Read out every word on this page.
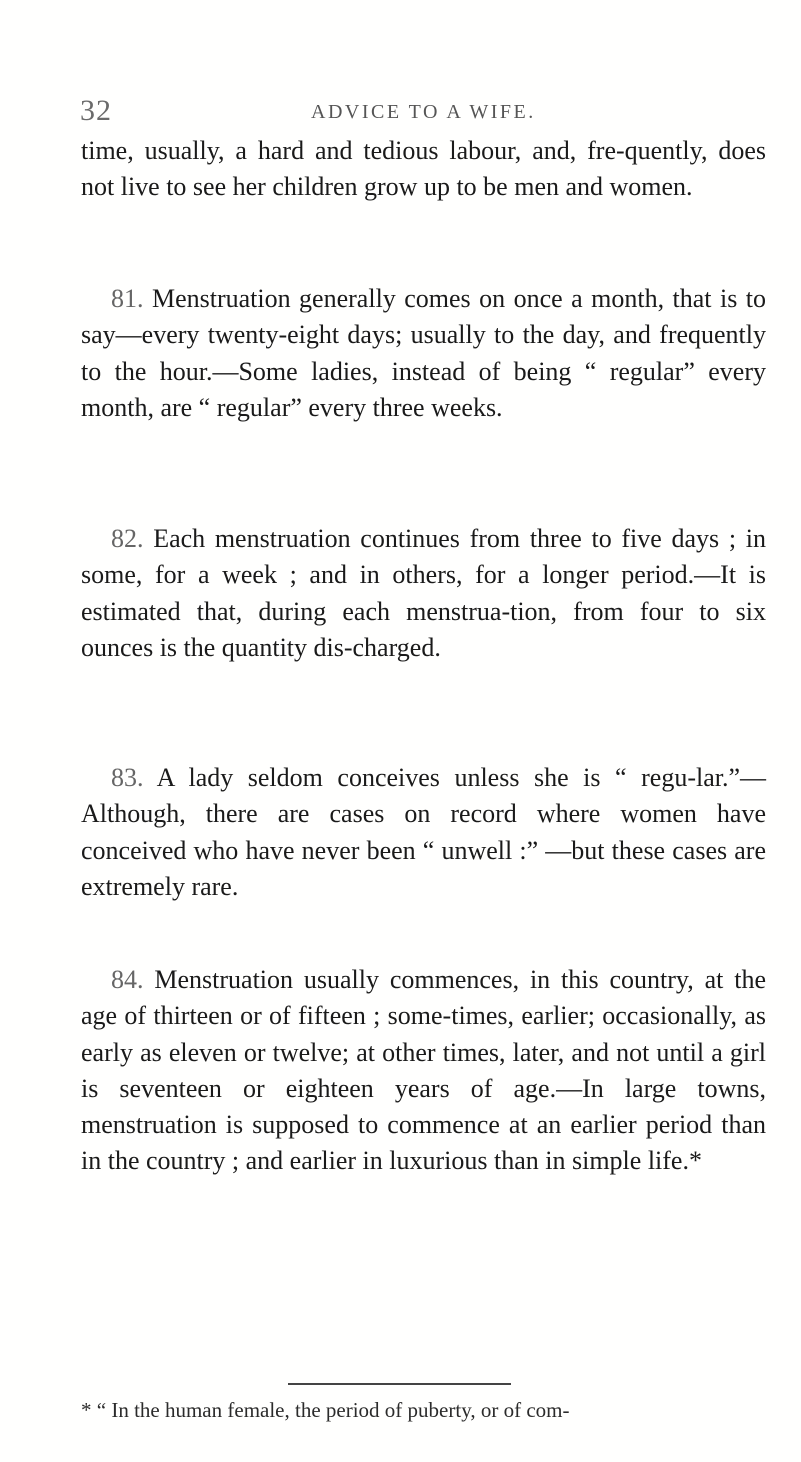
32	ADVICE TO A WIFE.
time, usually, a hard and tedious labour, and, fre-quently, does not live to see her children grow up to be men and women.
81. Menstruation generally comes on once a month, that is to say—every twenty-eight days; usually to the day, and frequently to the hour.—Some ladies, instead of being “ regular” every month, are “ regular” every three weeks.
82. Each menstruation continues from three to five days ; in some, for a week ; and in others, for a longer period.—It is estimated that, during each menstrua-tion, from four to six ounces is the quantity dis-charged.
83. A lady seldom conceives unless she is “ regu-lar.”—Although, there are cases on record where women have conceived who have never been “ unwell :” —but these cases are extremely rare.
84. Menstruation usually commences, in this country, at the age of thirteen or of fifteen ; some-times, earlier; occasionally, as early as eleven or twelve; at other times, later, and not until a girl is seventeen or eighteen years of age.—In large towns, menstruation is supposed to commence at an earlier period than in the country ; and earlier in luxurious than in simple life.*
* “ In the human female, the period of puberty, or of com-
